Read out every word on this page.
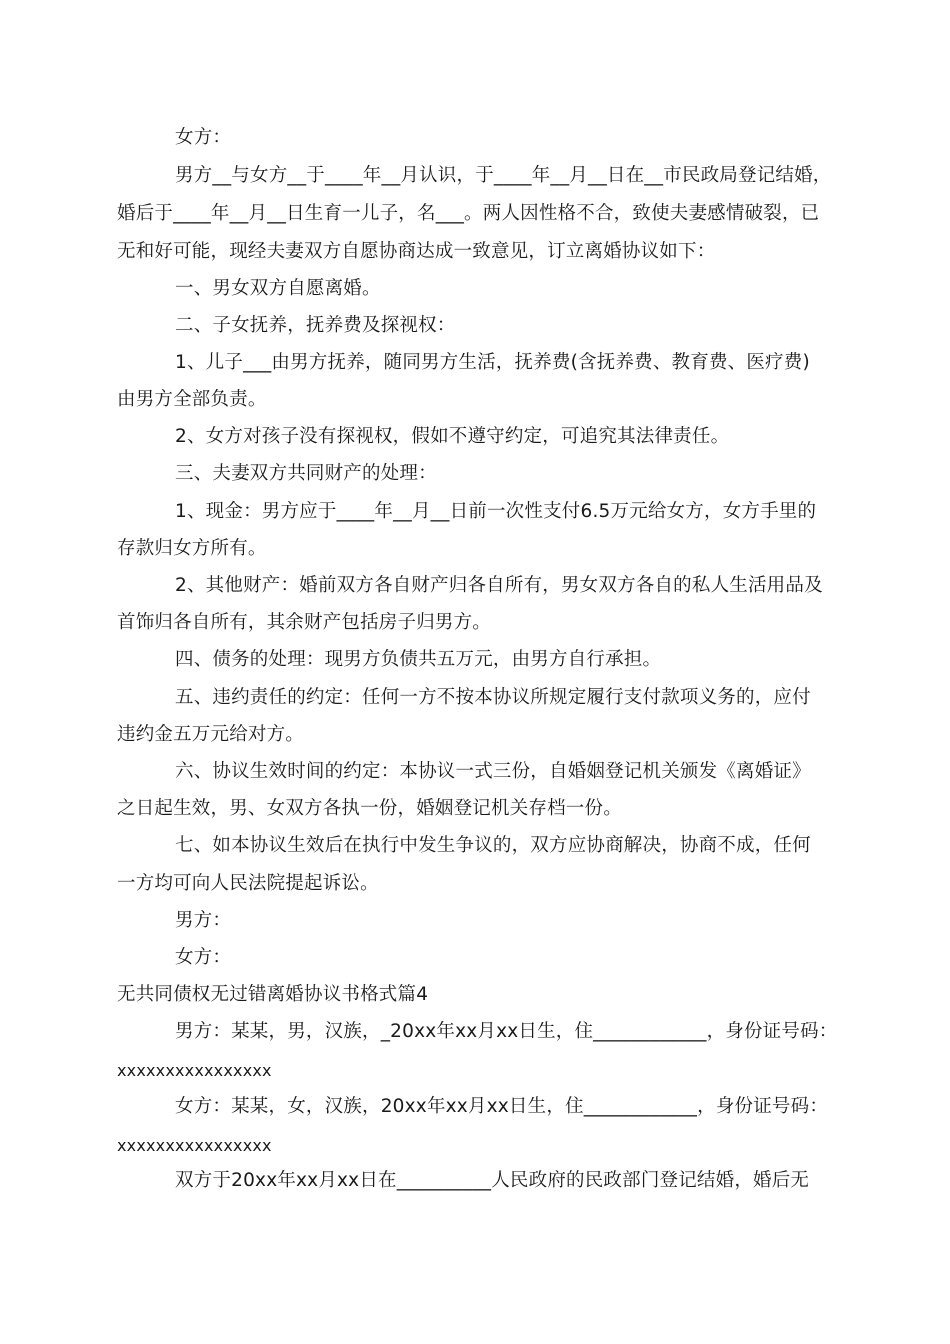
女方：
男方__与女方__于____年__月认识，于____年__月__日在__市民政局登记结婚，
婚后于____年__月__日生育一儿子，名___。两人因性格不合，致使夫妻感情破裂，已
无和好可能，现经夫妻双方自愿协商达成一致意见，订立离婚协议如下：
一、男女双方自愿离婚。
二、子女抚养，抚养费及探视权：
1、儿子___由男方抚养，随同男方生活，抚养费(含抚养费、教育费、医疗费)
由男方全部负责。
2、女方对孩子没有探视权，假如不遵守约定，可追究其法律责任。
三、夫妻双方共同财产的处理：
1、现金：男方应于____年__月__日前一次性支付6.5万元给女方，女方手里的
存款归女方所有。
2、其他财产：婚前双方各自财产归各自所有，男女双方各自的私人生活用品及
首饰归各自所有，其余财产包括房子归男方。
四、债务的处理：现男方负债共五万元，由男方自行承担。
五、违约责任的约定：任何一方不按本协议所规定履行支付款项义务的，应付
违约金五万元给对方。
六、协议生效时间的约定：本协议一式三份，自婚姻登记机关颁发《离婚证》
之日起生效，男、女双方各执一份，婚姻登记机关存档一份。
七、如本协议生效后在执行中发生争议的，双方应协商解决，协商不成，任何
一方均可向人民法院提起诉讼。
男方：
女方：
无共同债权无过错离婚协议书格式篇4
男方：某某，男，汉族，_20xx年xx月xx日生，住____________，身份证号码：
xxxxxxxxxxxxxxxx
女方：某某，女，汉族，20xx年xx月xx日生，住____________，身份证号码：
xxxxxxxxxxxxxxxx
双方于20xx年xx月xx日在__________人民政府的民政部门登记结婚，婚后无
